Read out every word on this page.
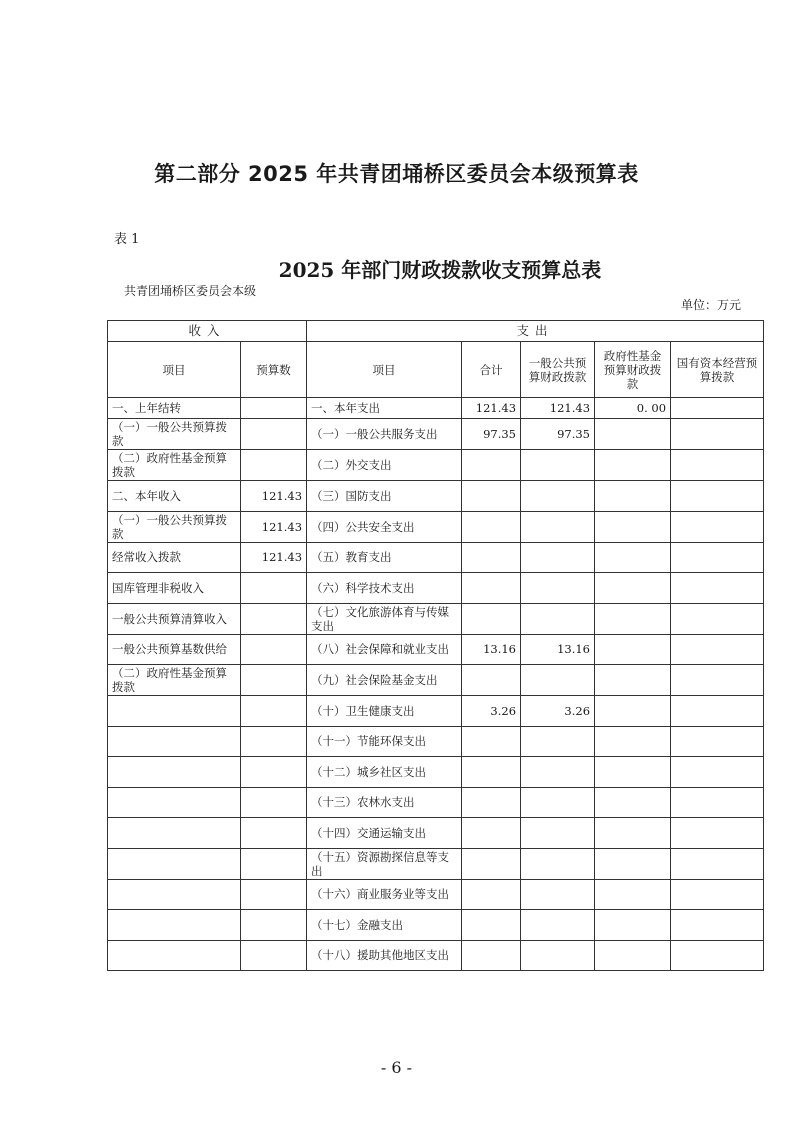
第二部分 2025 年共青团埇桥区委员会本级预算表
表 1
2025 年部门财政拨款收支预算总表
共青团埇桥区委员会本级
单位：万元
收入		支出				
项目	预算数	项目	合计	一般公共预算财政拨款	政府性基金预算财政拨款	国有资本经营预算拨款
一、上年结转		一、本年支出	121.43	121.43	0. 00	
（一）一般公共预算拨款		（一）一般公共服务支出	97.35	97.35		
（二）政府性基金预算拨款		（二）外交支出				
二、本年收入	121.43	（三）国防支出				
（一）一般公共预算拨款	121.43	（四）公共安全支出				
经常收入拨款	121.43	（五）教育支出				
国库管理非税收入		（六）科学技术支出				
一般公共预算清算收入		（七）文化旅游体育与传媒支出				
一般公共预算基数供给		（八）社会保障和就业支出	13.16	13.16		
（二）政府性基金预算拨款		（九）社会保险基金支出				
		（十）卫生健康支出	3.26	3.26		
		（十一）节能环保支出				
		（十二）城乡社区支出				
		（十三）农林水支出				
		（十四）交通运输支出				
		（十五）资源勘探信息等支出				
		（十六）商业服务业等支出				
		（十七）金融支出				
		（十八）援助其他地区支出				
- 6 -
